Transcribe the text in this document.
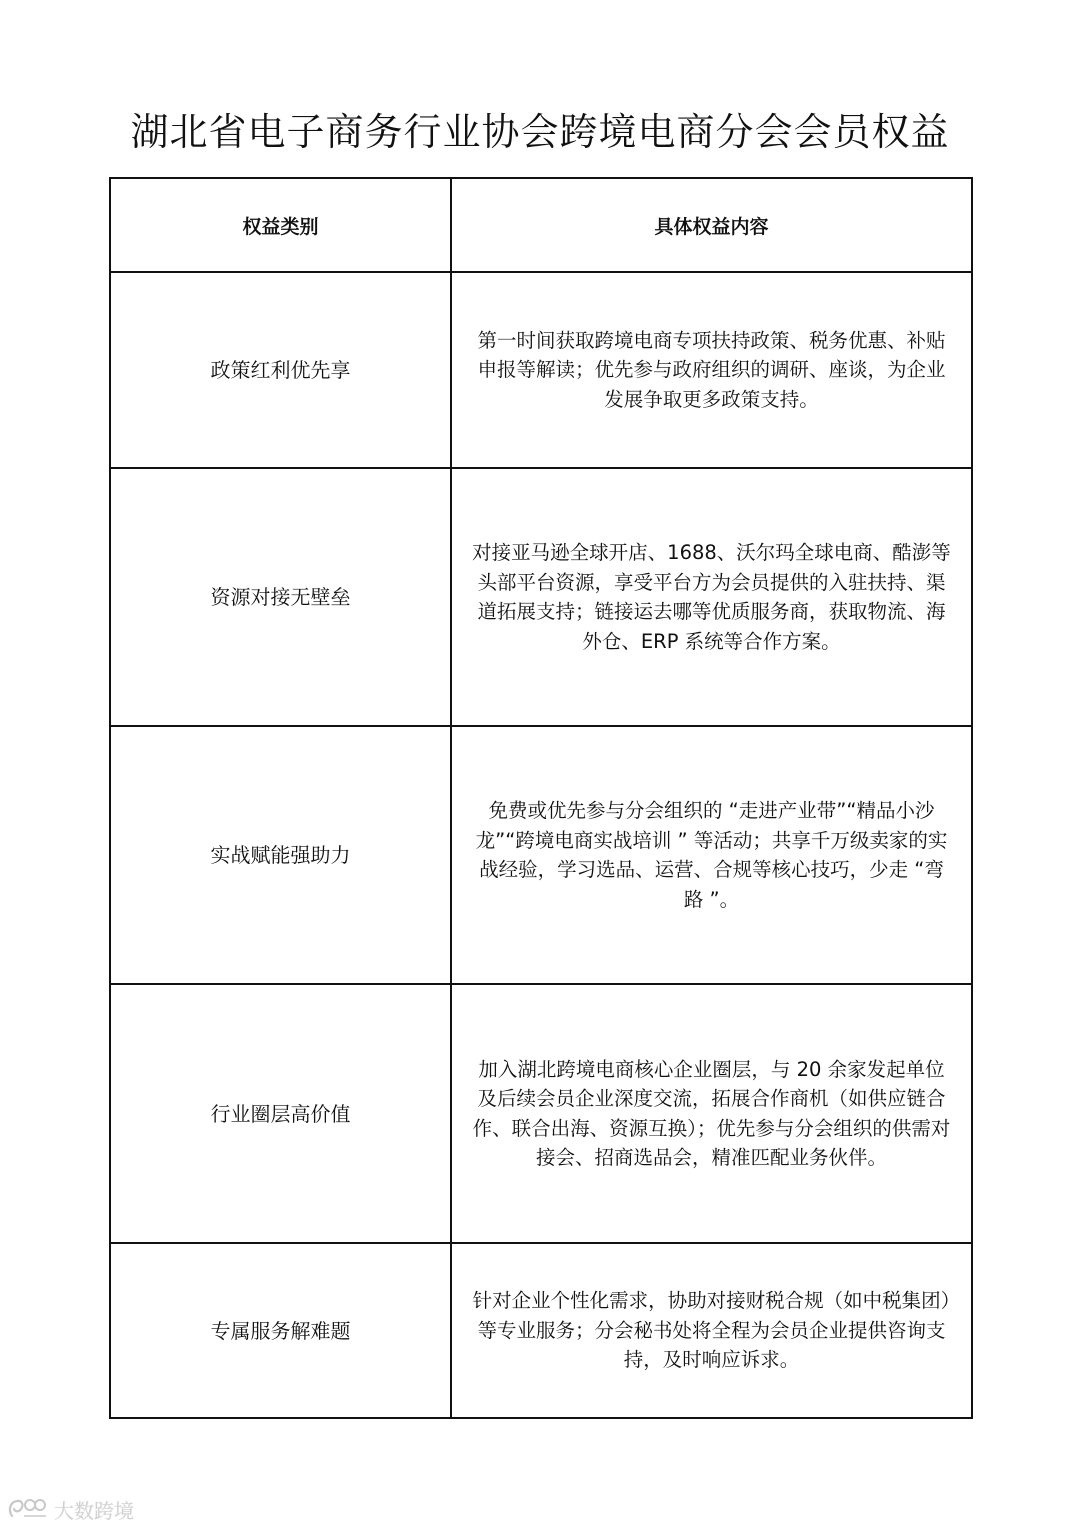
湖北省电子商务行业协会跨境电商分会会员权益
权益类别	具体权益内容
政策红利优先享	第一时间获取跨境电商专项扶持政策、税务优惠、补贴申报等解读；优先参与政府组织的调研、座谈，为企业发展争取更多政策支持。

资源对接无壁垒	对接亚马逊全球开店、1688、沃尔玛全球电商、酷澎等头部平台资源，享受平台方为会员提供的入驻扶持、渠道拓展支持；链接运去哪等优质服务商，获取物流、海外仓、ERP 系统等合作方案。

实战赋能强助力	免费或优先参与分会组织的 “走进产业带”“精品小沙龙”“跨境电商实战培训 ” 等活动；共享千万级卖家的实战经验，学习选品、运营、合规等核心技巧，少走 “弯路 ”。

行业圈层高价值	加入湖北跨境电商核心企业圈层，与 20 余家发起单位及后续会员企业深度交流，拓展合作商机（如供应链合作、联合出海、资源互换）；优先参与分会组织的供需对接会、招商选品会，精准匹配业务伙伴。

专属服务解难题	针对企业个性化需求，协助对接财税合规（如中税集团）等专业服务；分会秘书处将全程为会员企业提供咨询支持，及时响应诉求。
大数跨境
